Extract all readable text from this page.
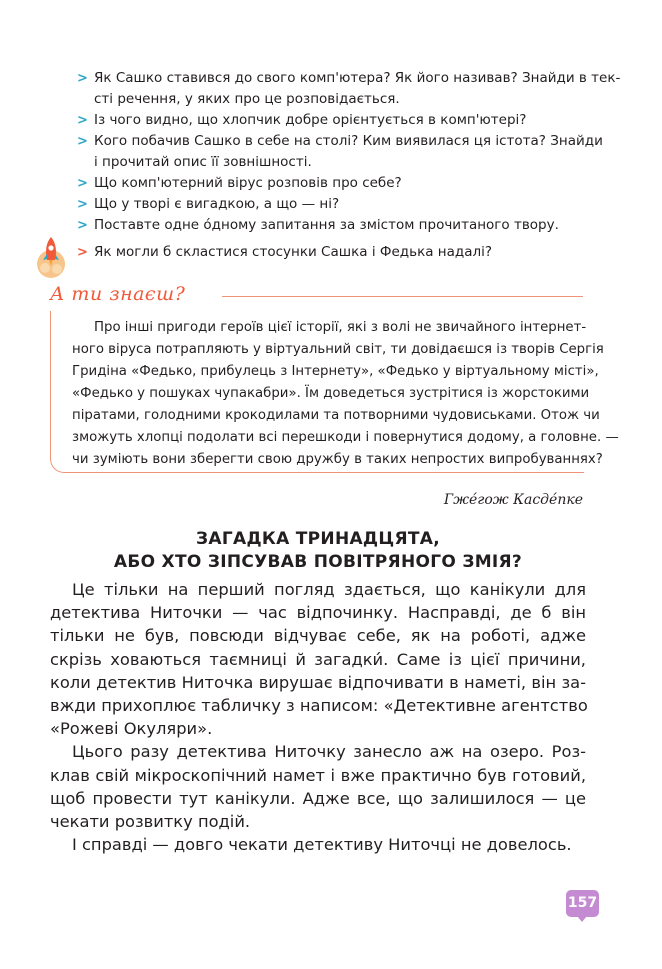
> Як Сашко ставився до свого комп'ютера? Як його називав? Знайди в тек-
сті речення, у яких про це розповідається.
> Із чого видно, що хлопчик добре орієнтується в комп'ютері?
> Кого побачив Сашко в себе на столі? Ким виявилася ця істота? Знайди
і прочитай опис її зовнішності.
> Що комп'ютерний вірус розповів про себе?
> Що у творі є вигадкою, а що — ні?
> Поставте одне о́дному запитання за змістом прочитаного твору.
> Як могли б скластися стосунки Сашка і Федька надалі?
А ти знаєш?
Про інші пригоди героїв цієї історії, які з волі не звичайного інтернет-
ного віруса потрапляють у віртуальний світ, ти довідаєшся із творів Сергія
Гридіна «Федько, прибулець з Інтернету», «Федько у віртуальному місті»,
«Федько у пошуках чупакабри». Їм доведеться зустрітися із жорстокими
піратами, голодними крокодилами та потворними чудовиськами. Отож чи
зможуть хлопці подолати всі перешкоди і повернутися додому, а головне. —
чи зуміють вони зберегти свою дружбу в таких непростих випробуваннях?
Гжéгож Касдéпке
ЗАГАДКА ТРИНАДЦЯТА,
АБО ХТО ЗІПСУВАВ ПОВІТРЯНОГО ЗМІЯ?
Це тільки на перший погляд здається, що канікули для
детектива Ниточки — час відпочинку. Насправді, де б він
тільки не був, повсюди відчуває себе, як на роботі, адже
скрізь ховаються таємниці й загадки́. Саме із цієї причини,
коли детектив Ниточка вирушає відпочивати в наметі, він за-
вжди прихоплює табличку з написом: «Детективне агентство
«Рожеві Окуляри».
Цього разу детектива Ниточку занесло аж на озеро. Роз-
клав свій мікроскопічний намет і вже практично був готовий,
щоб провести тут канікули. Адже все, що залишилося — це
чекати розвитку подій.
І справді — довго чекати детективу Ниточці не довелось.
157
